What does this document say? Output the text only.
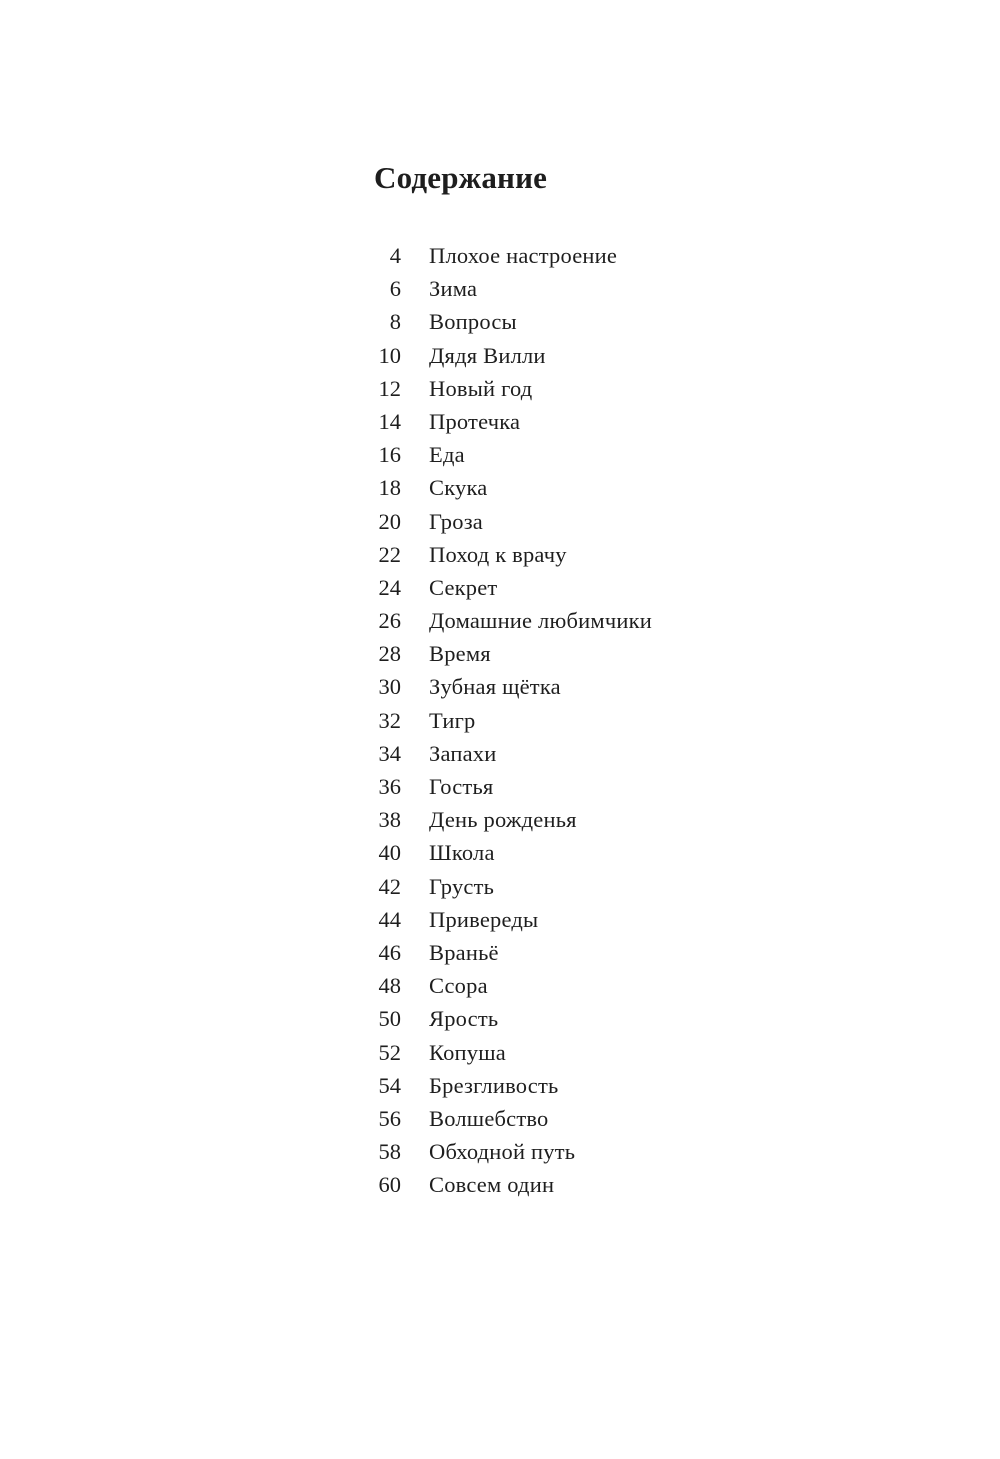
Содержание
4 Плохое настроение
6 Зима
8 Вопросы
10 Дядя Вилли
12 Новый год
14 Протечка
16 Еда
18 Скука
20 Гроза
22 Поход к врачу
24 Секрет
26 Домашние любимчики
28 Время
30 Зубная щётка
32 Тигр
34 Запахи
36 Гостья
38 День рожденья
40 Школа
42 Грусть
44 Привереды
46 Враньё
48 Ссора
50 Ярость
52 Копуша
54 Брезгливость
56 Волшебство
58 Обходной путь
60 Совсем один
